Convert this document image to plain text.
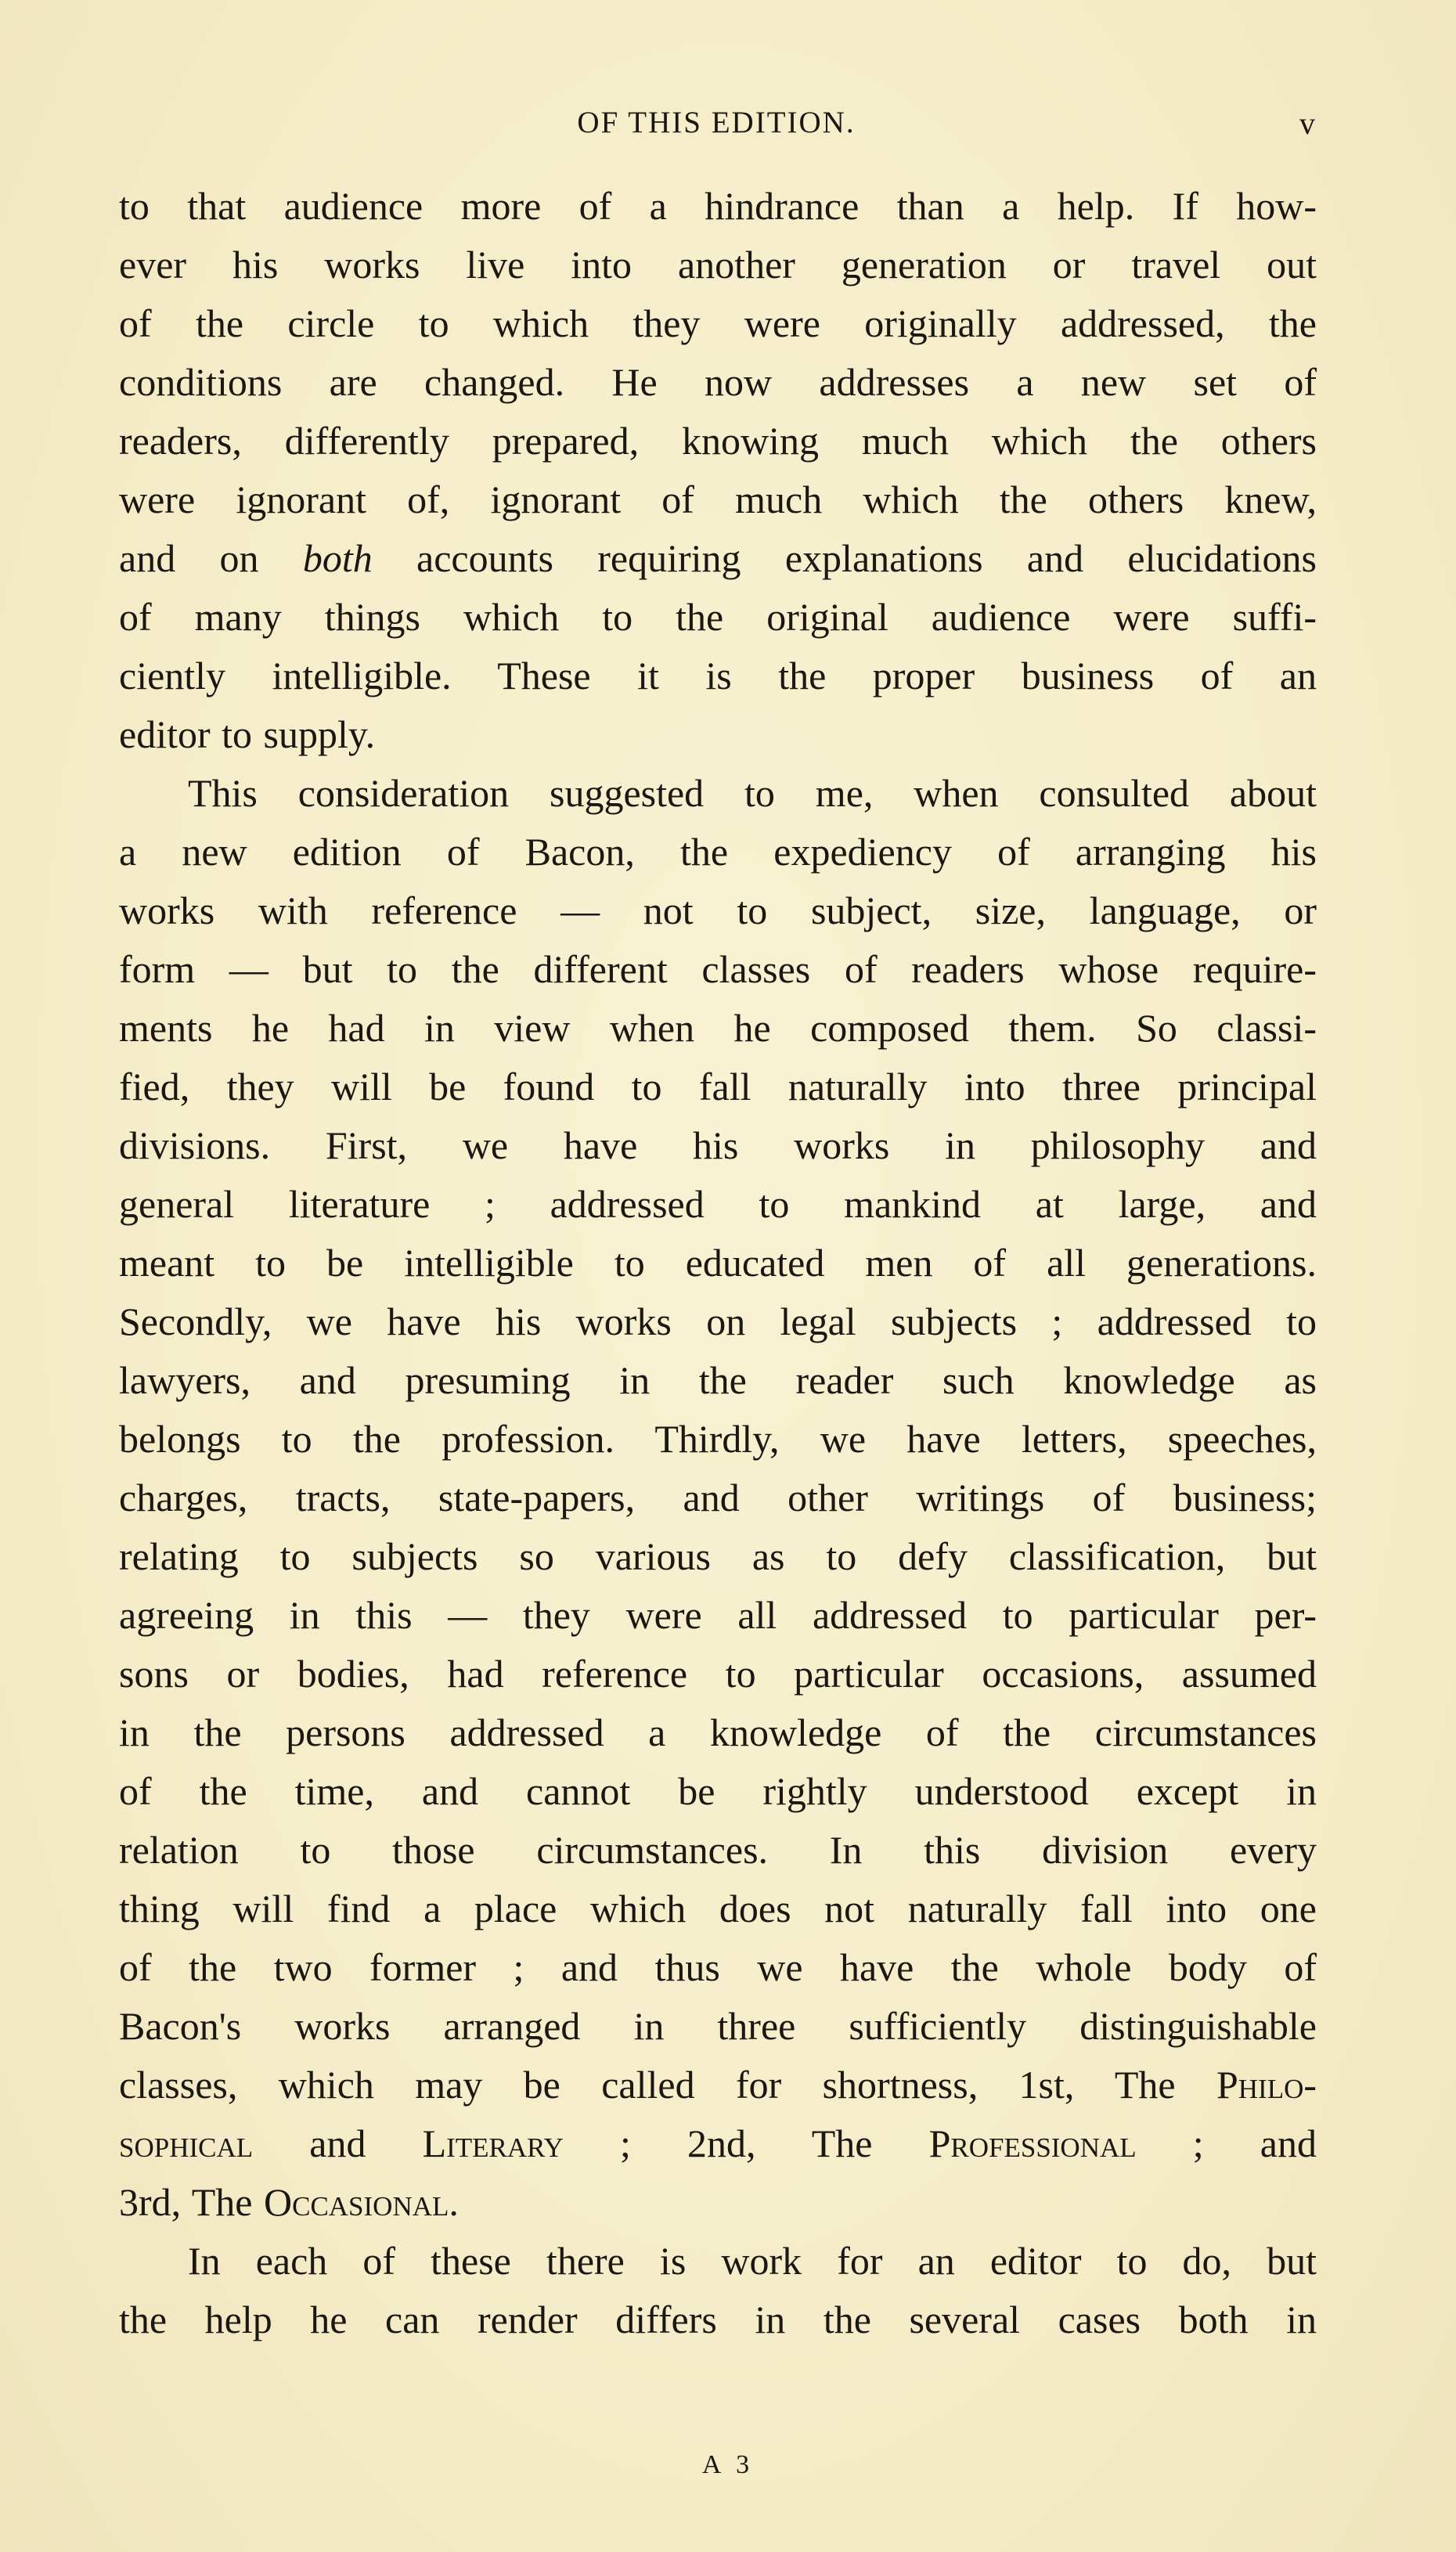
OF THIS EDITION.	v
to that audience more of a hindrance than a help. If how-
ever his works live into another generation or travel out
of the circle to which they were originally addressed, the
conditions are changed. He now addresses a new set of
readers, differently prepared, knowing much which the others
were ignorant of, ignorant of much which the others knew,
and on both accounts requiring explanations and elucidations
of many things which to the original audience were suffi-
ciently intelligible. These it is the proper business of an
editor to supply.
This consideration suggested to me, when consulted about
a new edition of Bacon, the expediency of arranging his
works with reference — not to subject, size, language, or
form — but to the different classes of readers whose require-
ments he had in view when he composed them. So classi-
fied, they will be found to fall naturally into three principal
divisions. First, we have his works in philosophy and
general literature ; addressed to mankind at large, and
meant to be intelligible to educated men of all generations.
Secondly, we have his works on legal subjects ; addressed to
lawyers, and presuming in the reader such knowledge as
belongs to the profession. Thirdly, we have letters, speeches,
charges, tracts, state-papers, and other writings of business;
relating to subjects so various as to defy classification, but
agreeing in this — they were all addressed to particular per-
sons or bodies, had reference to particular occasions, assumed
in the persons addressed a knowledge of the circumstances
of the time, and cannot be rightly understood except in
relation to those circumstances. In this division every
thing will find a place which does not naturally fall into one
of the two former ; and thus we have the whole body of
Bacon's works arranged in three sufficiently distinguishable
classes, which may be called for shortness, 1st, The Philo-
sophical and Literary ; 2nd, The Professional ; and
3rd, The Occasional.
In each of these there is work for an editor to do, but
the help he can render differs in the several cases both in
A 3
